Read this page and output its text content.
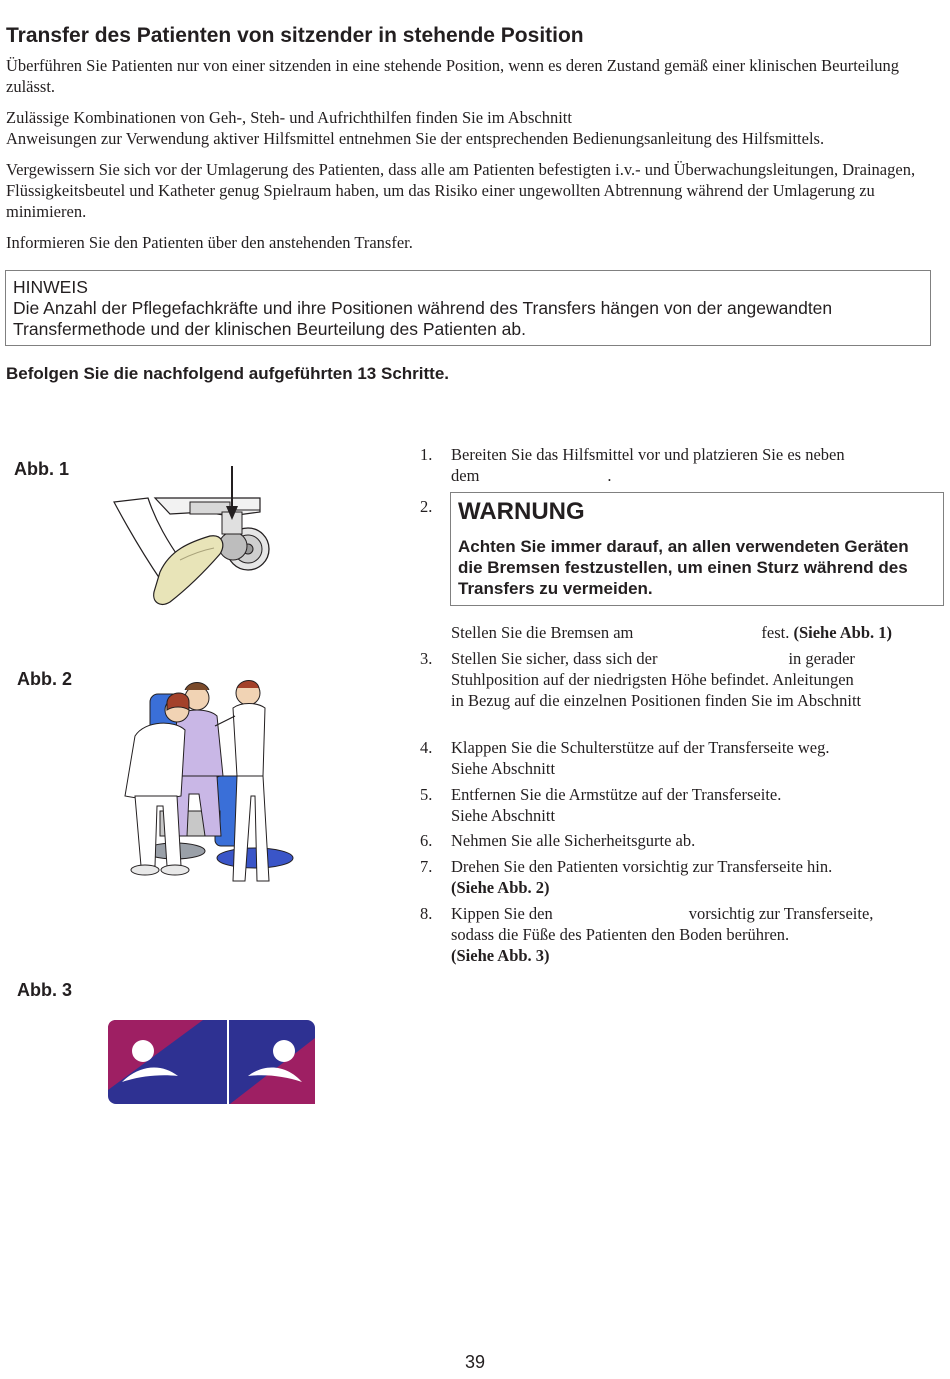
Transfer des Patienten von sitzender in stehende Position

Überführen Sie Patienten nur von einer sitzenden in eine stehende Position, wenn es deren Zustand gemäß einer klinischen Beurteilung zulässt.

Zulässige Kombinationen von Geh-, Steh- und Aufrichthilfen finden Sie im Abschnitt

Anweisungen zur Verwendung aktiver Hilfsmittel entnehmen Sie der entsprechenden Bedienungsanleitung des Hilfsmittels.

Vergewissern Sie sich vor der Umlagerung des Patienten, dass alle am Patienten befestigten i.v.- und Überwachungsleitungen, Drainagen, Flüssigkeitsbeutel und Katheter genug Spielraum haben, um das Risiko einer ungewollten Abtrennung während der Umlagerung zu minimieren.

Informieren Sie den Patienten über den anstehenden Transfer.

HINWEIS
Die Anzahl der Pflegefachkräfte und ihre Positionen während des Transfers hängen von der angewandten Transfermethode und der klinischen Beurteilung des Patienten ab.
Befolgen Sie die nachfolgend aufgeführten 13 Schritte.
Abb. 1
Abb. 2
Abb. 3
1. Bereiten Sie das Hilfsmittel vor und platzieren Sie es neben
dem	.
2. WARNUNG
Achten Sie immer darauf, an allen verwendeten Geräten die Bremsen festzustellen, um einen Sturz während des Transfers zu vermeiden.
Stellen Sie die Bremsen am	fest. (Siehe Abb. 1)
3. Stellen Sie sicher, dass sich der	in gerader
Stuhlposition auf der niedrigsten Höhe befindet. Anleitungen
in Bezug auf die einzelnen Positionen finden Sie im Abschnitt
4. Klappen Sie die Schulterstütze auf der Transferseite weg.
Siehe Abschnitt
5. Entfernen Sie die Armstütze auf der Transferseite.
Siehe Abschnitt
6. Nehmen Sie alle Sicherheitsgurte ab.
7. Drehen Sie den Patienten vorsichtig zur Transferseite hin.
(Siehe Abb. 2)
8. Kippen Sie den	vorsichtig zur Transferseite,
sodass die Füße des Patienten den Boden berühren.
(Siehe Abb. 3)
39
